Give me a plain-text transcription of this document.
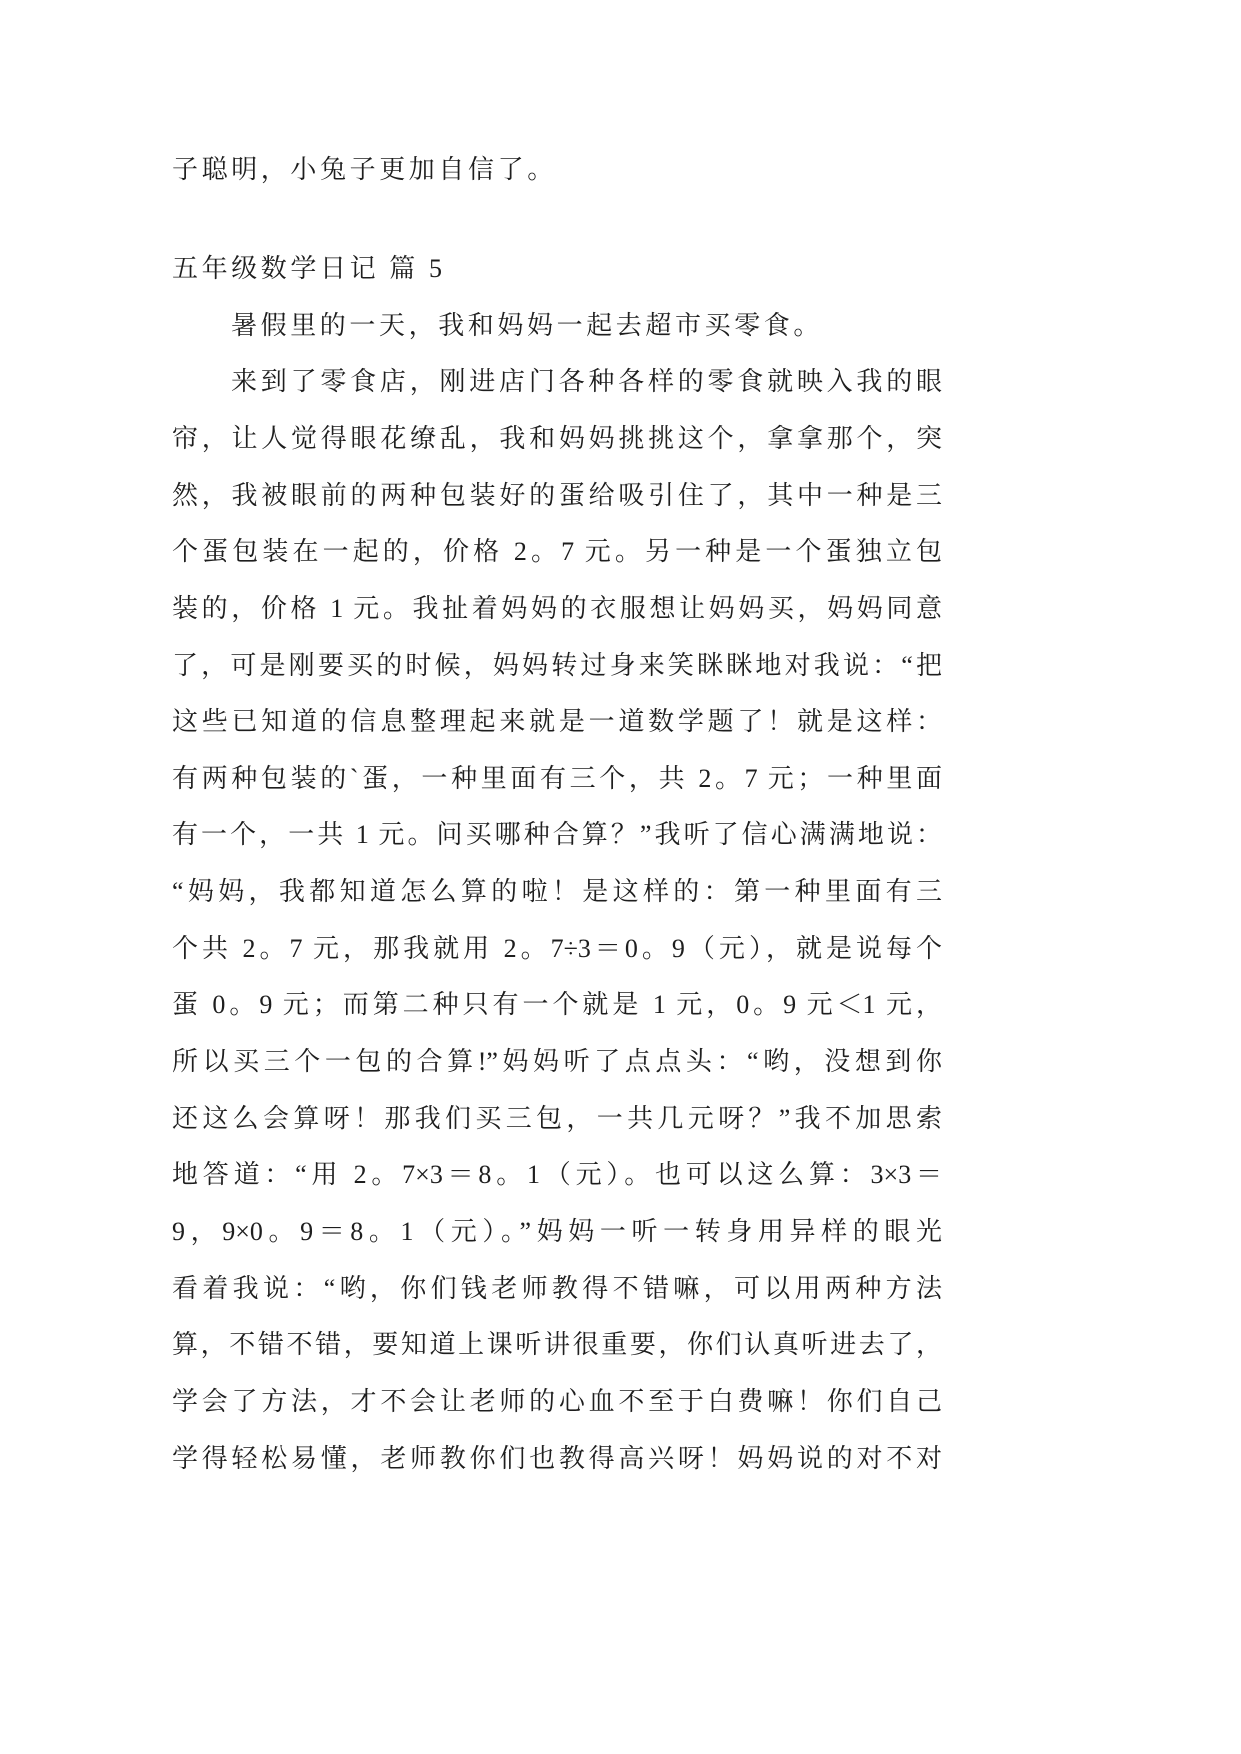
子聪明，小兔子更加自信了。
五年级数学日记 篇 5
暑假里的一天，我和妈妈一起去超市买零食。
来到了零食店，刚进店门各种各样的零食就映入我的眼
帘，让人觉得眼花缭乱，我和妈妈挑挑这个，拿拿那个，突
然，我被眼前的两种包装好的蛋给吸引住了，其中一种是三
个蛋包装在一起的，价格 2。7 元。另一种是一个蛋独立包
装的，价格 1 元。我扯着妈妈的衣服想让妈妈买，妈妈同意
了，可是刚要买的时候，妈妈转过身来笑眯眯地对我说：“把
这些已知道的信息整理起来就是一道数学题了！就是这样：
有两种包装的`蛋，一种里面有三个，共 2。7 元；一种里面
有一个，一共 1 元。问买哪种合算？”我听了信心满满地说：
“妈妈，我都知道怎么算的啦！是这样的：第一种里面有三
个共 2。7 元，那我就用 2。7÷3＝0。9（元），就是说每个
蛋 0。9 元；而第二种只有一个就是 1 元，0。9 元＜1 元，
所以买三个一包的合算!”妈妈听了点点头：“哟，没想到你
还这么会算呀！那我们买三包，一共几元呀？”我不加思索
地答道：“用 2。7×3＝8。1（元）。也可以这么算：3×3＝
9，9×0。9＝8。1（元）。”妈妈一听一转身用异样的眼光
看着我说：“哟，你们钱老师教得不错嘛，可以用两种方法
算，不错不错，要知道上课听讲很重要，你们认真听进去了，
学会了方法，才不会让老师的心血不至于白费嘛！你们自己
学得轻松易懂，老师教你们也教得高兴呀！妈妈说的对不对
